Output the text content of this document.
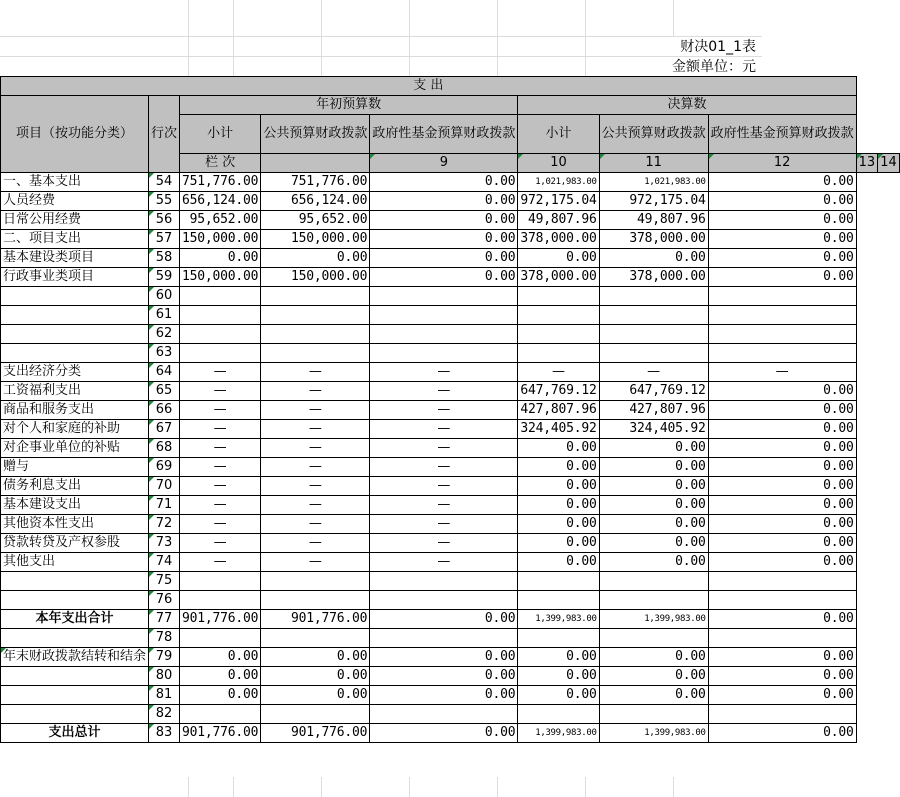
财决01_1表
金额单位：元
支 出									
项目（按功能分类）	行次	年初预算数			决算数				
		小计	公共预算财政拨款	政府性基金预算财政拨款	小计	公共预算财政拨款	政府性基金预算财政拨款		
		栏 次		9	10	11	12	13	14
一、基本支出	54	751,776.00	751,776.00	0.00	1,021,983.00	1,021,983.00	0.00		
人员经费	55	656,124.00	656,124.00	0.00	972,175.04	972,175.04	0.00		
日常公用经费	56	95,652.00	95,652.00	0.00	49,807.96	49,807.96	0.00		
二、项目支出	57	150,000.00	150,000.00	0.00	378,000.00	378,000.00	0.00		
基本建设类项目	58	0.00	0.00	0.00	0.00	0.00	0.00		
行政事业类项目	59	150,000.00	150,000.00	0.00	378,000.00	378,000.00	0.00		
	60								
	61								
	62								
	63								
支出经济分类	64	—	—	—	—	—	—		
工资福利支出	65	—	—	—	647,769.12	647,769.12	0.00		
商品和服务支出	66	—	—	—	427,807.96	427,807.96	0.00		
对个人和家庭的补助	67	—	—	—	324,405.92	324,405.92	0.00		
对企事业单位的补贴	68	—	—	—	0.00	0.00	0.00		
赠与	69	—	—	—	0.00	0.00	0.00		
债务利息支出	70	—	—	—	0.00	0.00	0.00		
基本建设支出	71	—	—	—	0.00	0.00	0.00		
其他资本性支出	72	—	—	—	0.00	0.00	0.00		
贷款转贷及产权参股	73	—	—	—	0.00	0.00	0.00		
其他支出	74	—	—	—	0.00	0.00	0.00		
	75								
	76								
本年支出合计	77	901,776.00	901,776.00	0.00	1,399,983.00	1,399,983.00	0.00		
	78								
年末财政拨款结转和结余	79	0.00	0.00	0.00	0.00	0.00	0.00		
	80	0.00	0.00	0.00	0.00	0.00	0.00		
	81	0.00	0.00	0.00	0.00	0.00	0.00		
	82								
支出总计	83	901,776.00	901,776.00	0.00	1,399,983.00	1,399,983.00	0.00		
